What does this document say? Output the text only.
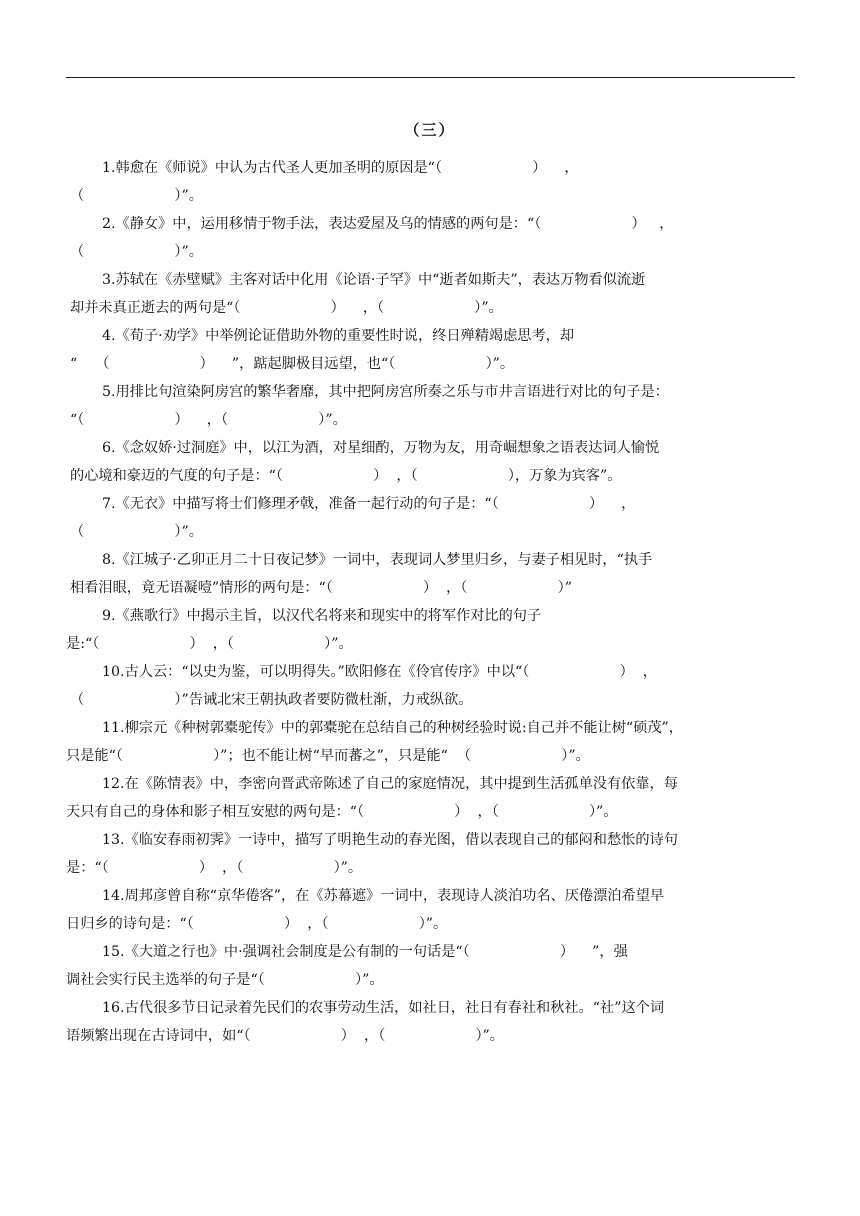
（三）
1.韩愈在《师说》中认为古代圣人更加圣明的原因是“（                    ）    ，
（                    ）”。
2.《静女》中，运用移情于物手法，表达爱屋及乌的情感的两句是：“（                    ）   ，
（                    ）”。
3.苏轼在《赤壁赋》主客对话中化用《论语·子罕》中“逝者如斯夫”，表达万物看似流逝
却并未真正逝去的两句是“（                    ）    ，（                    ）”。
4.《荀子·劝学》中举例论证借助外物的重要性时说，终日殚精竭虑思考，却
“    （                    ）    ”，踮起脚极目远望，也“（                    ）”。
5.用排比句渲染阿房宫的繁华奢靡，其中把阿房宫所奏之乐与市井言语进行对比的句子是：
“（                    ）    ，（                    ）”。
6.《念奴娇·过洞庭》中，以江为酒，对星细酌，万物为友，用奇崛想象之语表达词人愉悦
的心境和豪迈的气度的句子是：“（                    ）  ，（                    ），万象为宾客”。
7.《无衣》中描写将士们修理矛戟，准备一起行动的句子是：“（                    ）    ，
（                    ）”。
8.《江城子·乙卯正月二十日夜记梦》一词中，表现词人梦里归乡，与妻子相见时，“执手
相看泪眼，竟无语凝噎”情形的两句是：“（                    ）  ，（                    ）”
9.《燕歌行》中揭示主旨，以汉代名将来和现实中的将军作对比的句子
是:“（                    ）  ，（                    ）”。
10.古人云：“以史为鉴，可以明得失。”欧阳修在《伶官传序》中以“（                    ）  ，
（                    ）”告诫北宋王朝执政者要防微杜渐，力戒纵欲。
11.柳宗元《种树郭橐驼传》中的郭橐驼在总结自己的种树经验时说:自己并不能让树“硕茂”，
只是能“（                    ）”；也不能让树“早而蕃之”，只是能“  （                    ）”。
12.在《陈情表》中，李密向晋武帝陈述了自己的家庭情况，其中提到生活孤单没有依靠，每
天只有自己的身体和影子相互安慰的两句是：“（                    ）  ，（                    ）”。
13.《临安春雨初霁》一诗中，描写了明艳生动的春光图，借以表现自己的郁闷和愁怅的诗句
是：“（                    ）  ，（                    ）”。
14.周邦彦曾自称“京华倦客”，在《苏幕遮》一词中，表现诗人淡泊功名、厌倦漂泊希望早
日归乡的诗句是：“（                    ）  ，（                    ）”。
15.《大道之行也》中·强调社会制度是公有制的一句话是“（                    ）    ”，强
调社会实行民主选举的句子是“（                    ）”。
16.古代很多节日记录着先民们的农事劳动生活，如社日，社日有春社和秋社。“社”这个词
语频繁出现在古诗词中，如“（                    ）  ，（                    ）”。
